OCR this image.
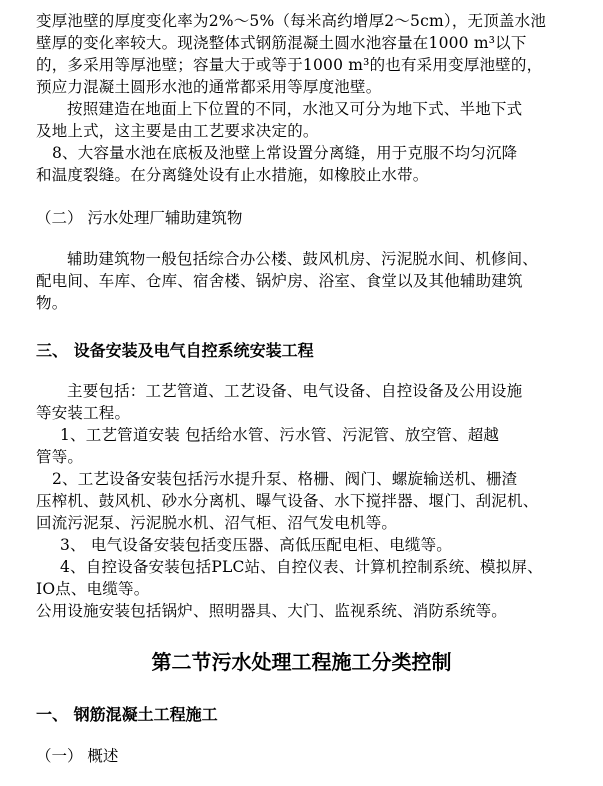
变厚池壁的厚度变化率为2%～5%（每米高约增厚2～5cm），无顶盖水池
壁厚的变化率较大。现浇整体式钢筋混凝土圆水池容量在1000 m³以下
的，多采用等厚池壁；容量大于或等于1000 m³的也有采用变厚池壁的，
预应力混凝土圆形水池的通常都采用等厚度池壁。
按照建造在地面上下位置的不同，水池又可分为地下式、半地下式
及地上式，这主要是由工艺要求决定的。
8、大容量水池在底板及池壁上常设置分离缝，用于克服不均匀沉降
和温度裂缝。在分离缝处设有止水措施，如橡胶止水带。
（二） 污水处理厂辅助建筑物
辅助建筑物一般包括综合办公楼、鼓风机房、污泥脱水间、机修间、
配电间、车库、仓库、宿舍楼、锅炉房、浴室、食堂以及其他辅助建筑
物。
三、 设备安装及电气自控系统安装工程
主要包括：工艺管道、工艺设备、电气设备、自控设备及公用设施
等安装工程。
1、工艺管道安装 包括给水管、污水管、污泥管、放空管、超越
管等。
2、工艺设备安装包括污水提升泵、格栅、阀门、螺旋输送机、栅渣
压榨机、鼓风机、砂水分离机、曝气设备、水下搅拌器、堰门、刮泥机、
回流污泥泵、污泥脱水机、沼气柜、沼气发电机等。
3、 电气设备安装包括变压器、高低压配电柜、电缆等。
4、自控设备安装包括PLC站、自控仪表、计算机控制系统、模拟屏、
IO点、电缆等。
公用设施安装包括锅炉、照明器具、大门、监视系统、消防系统等。
第二节污水处理工程施工分类控制
一、 钢筋混凝土工程施工
（一） 概述
